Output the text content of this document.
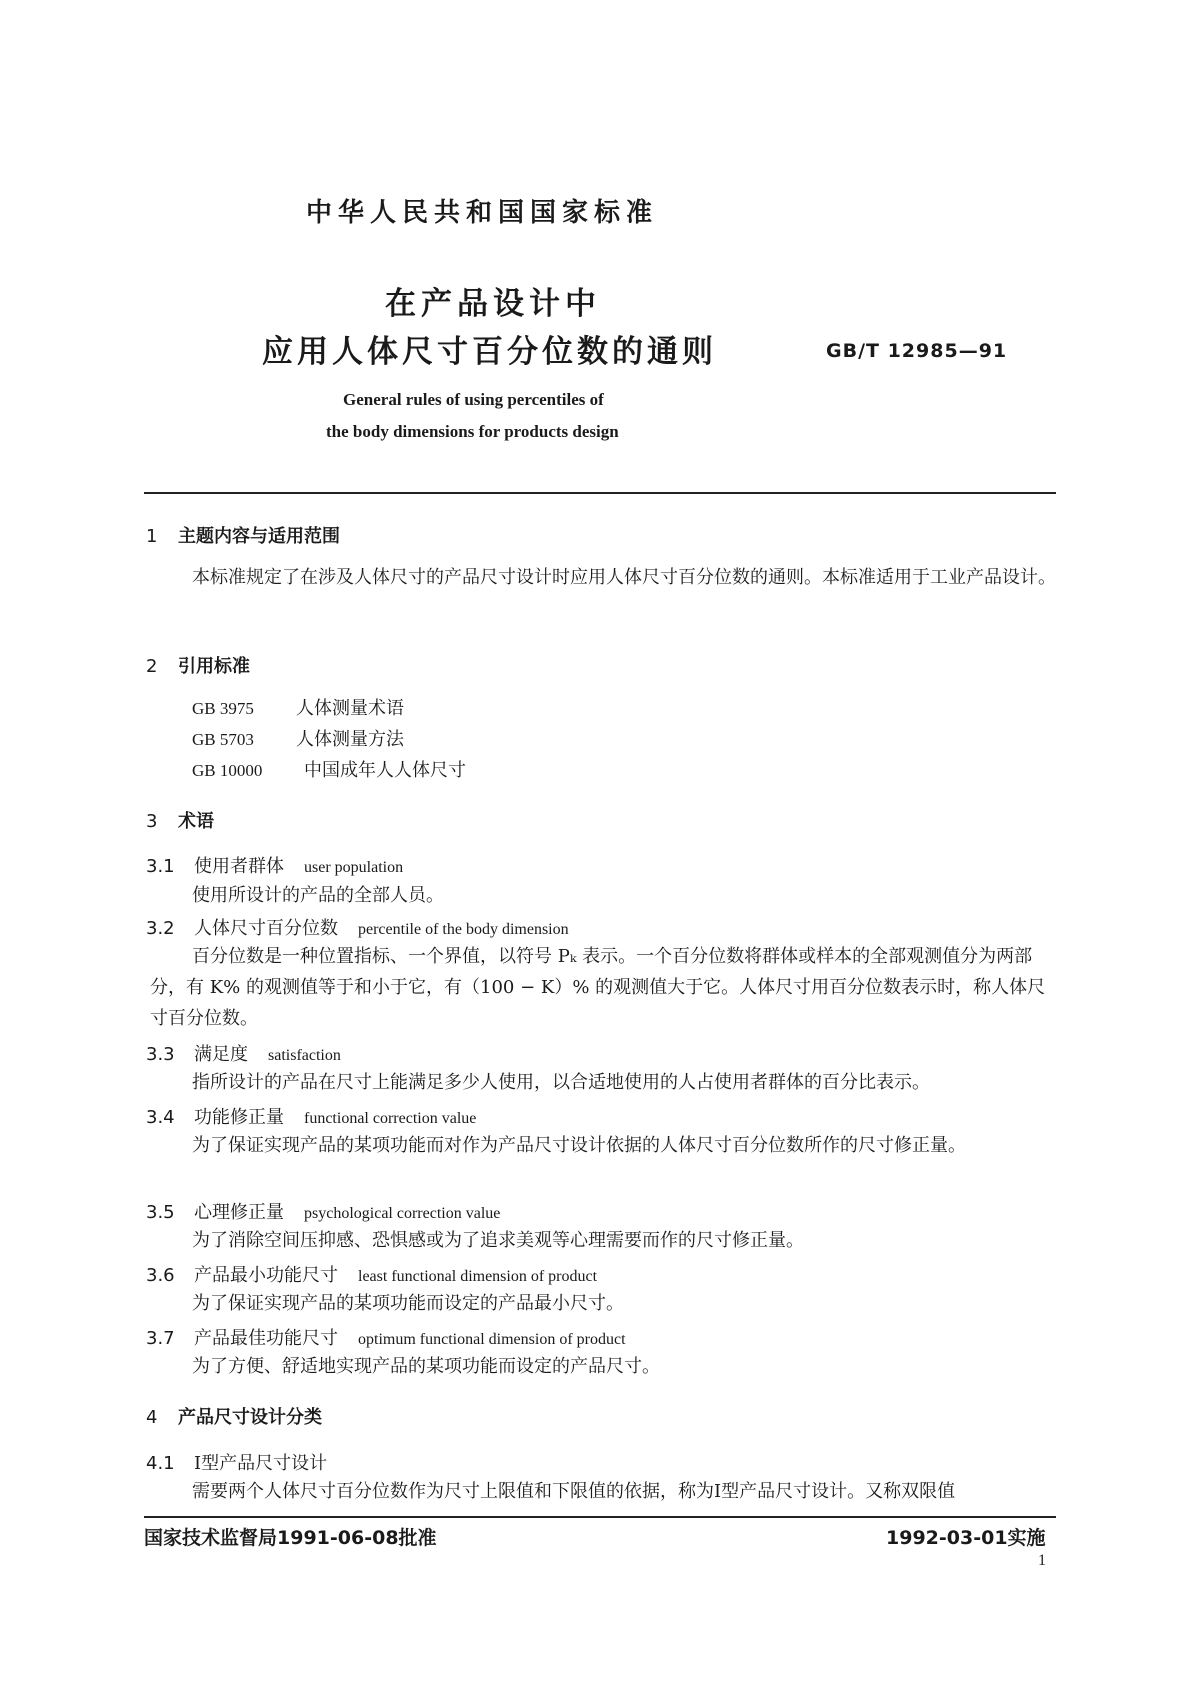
中华人民共和国国家标准
在产品设计中
应用人体尺寸百分位数的通则	GB/T 12985—91
General rules of using percentiles of
the body dimensions for products design
1 主题内容与适用范围
本标准规定了在涉及人体尺寸的产品尺寸设计时应用人体尺寸百分位数的通则。本标准适用于工业产品设计。
2 引用标准
GB 3975 人体测量术语
GB 5703 人体测量方法
GB 10000 中国成年人人体尺寸
3 术语
3.1 使用者群体 user population
使用所设计的产品的全部人员。
3.2 人体尺寸百分位数 percentile of the body dimension
百分位数是一种位置指标、一个界值，以符号 Pₖ 表示。一个百分位数将群体或样本的全部观测值分为两部分，有 K% 的观测值等于和小于它，有（100 − K）% 的观测值大于它。人体尺寸用百分位数表示时，称人体尺寸百分位数。
3.3 满足度 satisfaction
指所设计的产品在尺寸上能满足多少人使用，以合适地使用的人占使用者群体的百分比表示。
3.4 功能修正量 functional correction value
为了保证实现产品的某项功能而对作为产品尺寸设计依据的人体尺寸百分位数所作的尺寸修正量。
3.5 心理修正量 psychological correction value
为了消除空间压抑感、恐惧感或为了追求美观等心理需要而作的尺寸修正量。
3.6 产品最小功能尺寸 least functional dimension of product
为了保证实现产品的某项功能而设定的产品最小尺寸。
3.7 产品最佳功能尺寸 optimum functional dimension of product
为了方便、舒适地实现产品的某项功能而设定的产品尺寸。
4 产品尺寸设计分类
4.1 Ⅰ型产品尺寸设计
需要两个人体尺寸百分位数作为尺寸上限值和下限值的依据，称为Ⅰ型产品尺寸设计。又称双限值
国家技术监督局1991-06-08批准	1992-03-01实施
1
